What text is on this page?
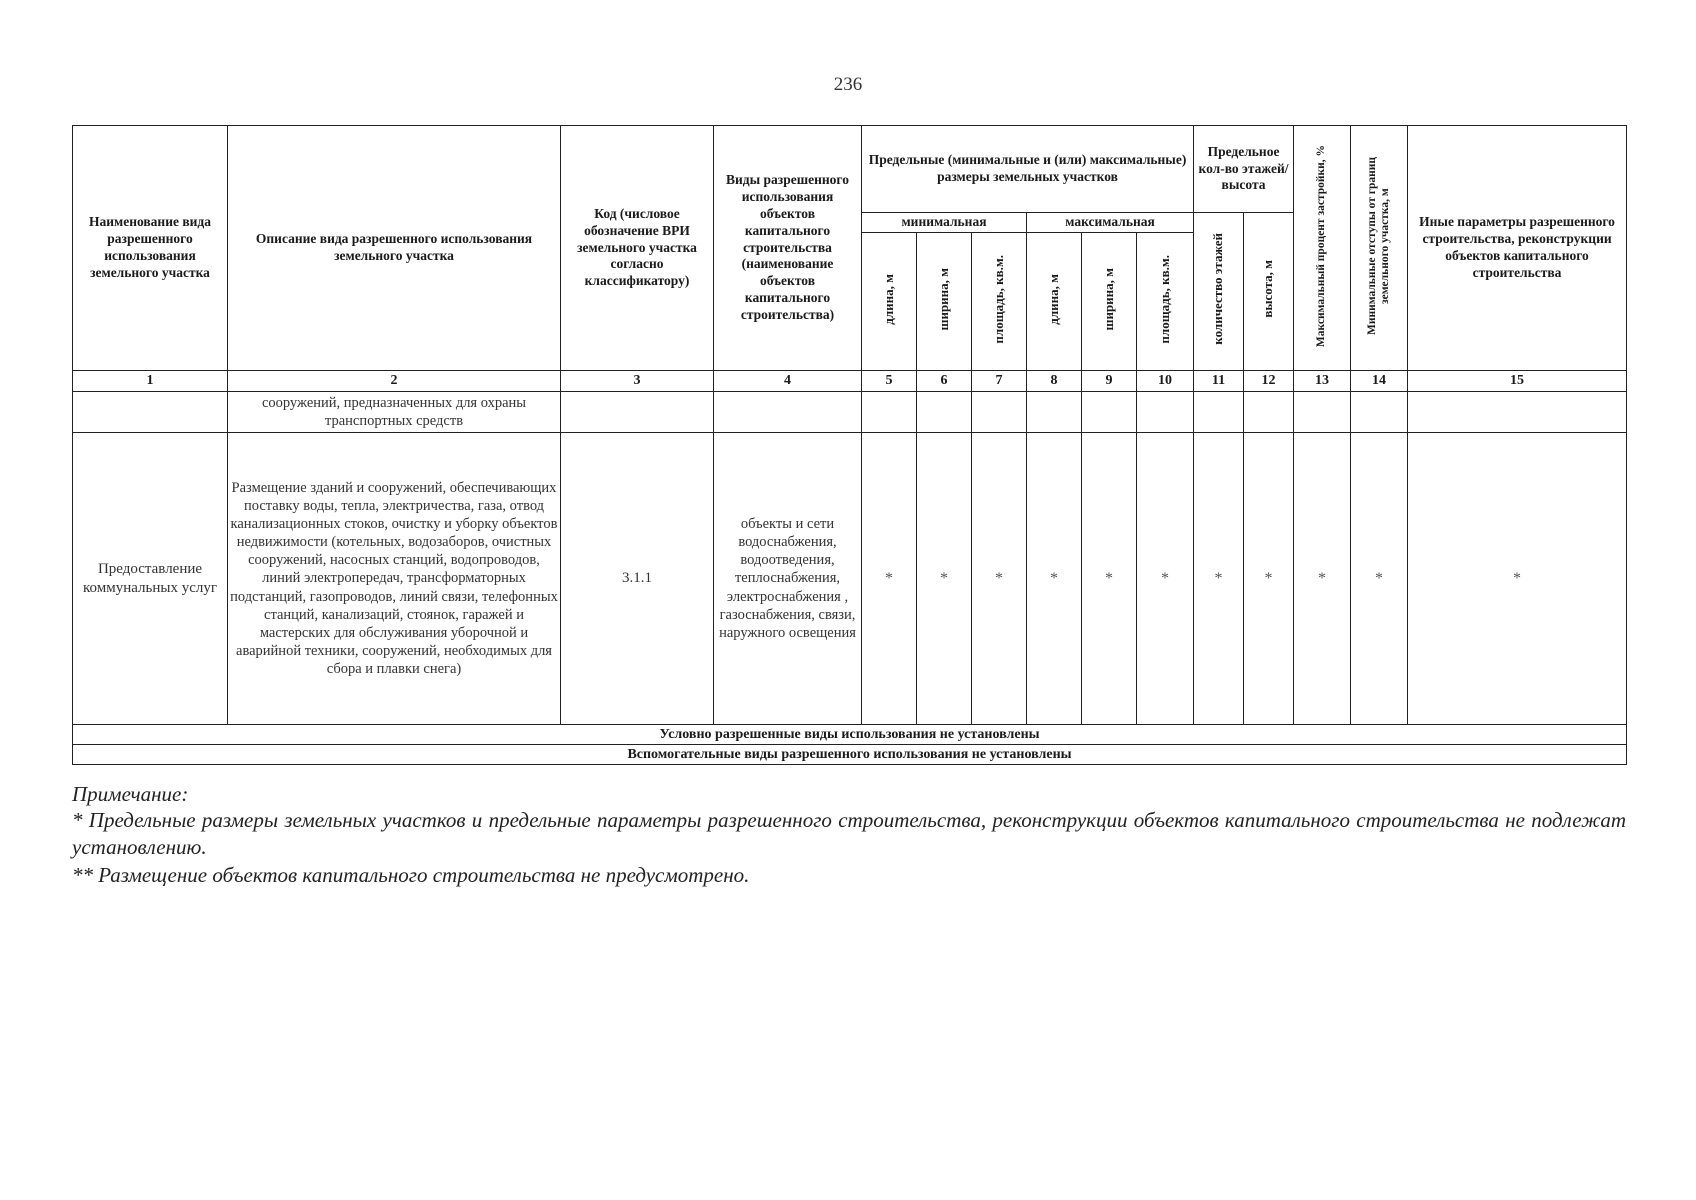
236
Наименование вида разрешенного использования земельного участка	Описание вида разрешенного использования земельного участка	Код (числовое обозначение ВРИ земельного участка согласно классификатору)	Виды разрешенного использования объектов капитального строительства (наименование объектов капитального строительства)	Предельные (минимальные и (или) максимальные) размеры земельных участков						Предельное кол-во этажей/ высота		Максимальный процент застройки, %	Минимальные отступы от границ земельного участка, м	Иные параметры разрешенного строительства, реконструкции объектов капитального строительства
				минимальная			максимальная			количество этажей	высота, м			
				длина, м	ширина, м	площадь, кв.м.	длина, м	ширина, м	площадь, кв.м.					
1	2	3	4	5	6	7	8	9	10	11	12	13	14	15
	сооружений, предназначенных для охраны транспортных средств													
Предоставление коммунальных услуг	Размещение зданий и сооружений, обеспечивающих поставку воды, тепла, электричества, газа, отвод канализационных стоков, очистку и уборку объектов недвижимости (котельных, водозаборов, очистных сооружений, насосных станций, водопроводов, линий электропередач, трансформаторных подстанций, газопроводов, линий связи, телефонных станций, канализаций, стоянок, гаражей и мастерских для обслуживания уборочной и аварийной техники, сооружений, необходимых для сбора и плавки снега)	3.1.1	объекты и сети водоснабжения, водоотведения, теплоснабжения, электроснабжения , газоснабжения, связи, наружного освещения	*	*	*	*	*	*	*	*	*	*	*
Условно разрешенные виды использования не установлены														
Вспомогательные виды разрешенного использования не установлены														
Примечание:

* Предельные размеры земельных участков и предельные параметры разрешенного строительства, реконструкции объектов капитального строительства не подлежат установлению.

** Размещение объектов капитального строительства не предусмотрено.
